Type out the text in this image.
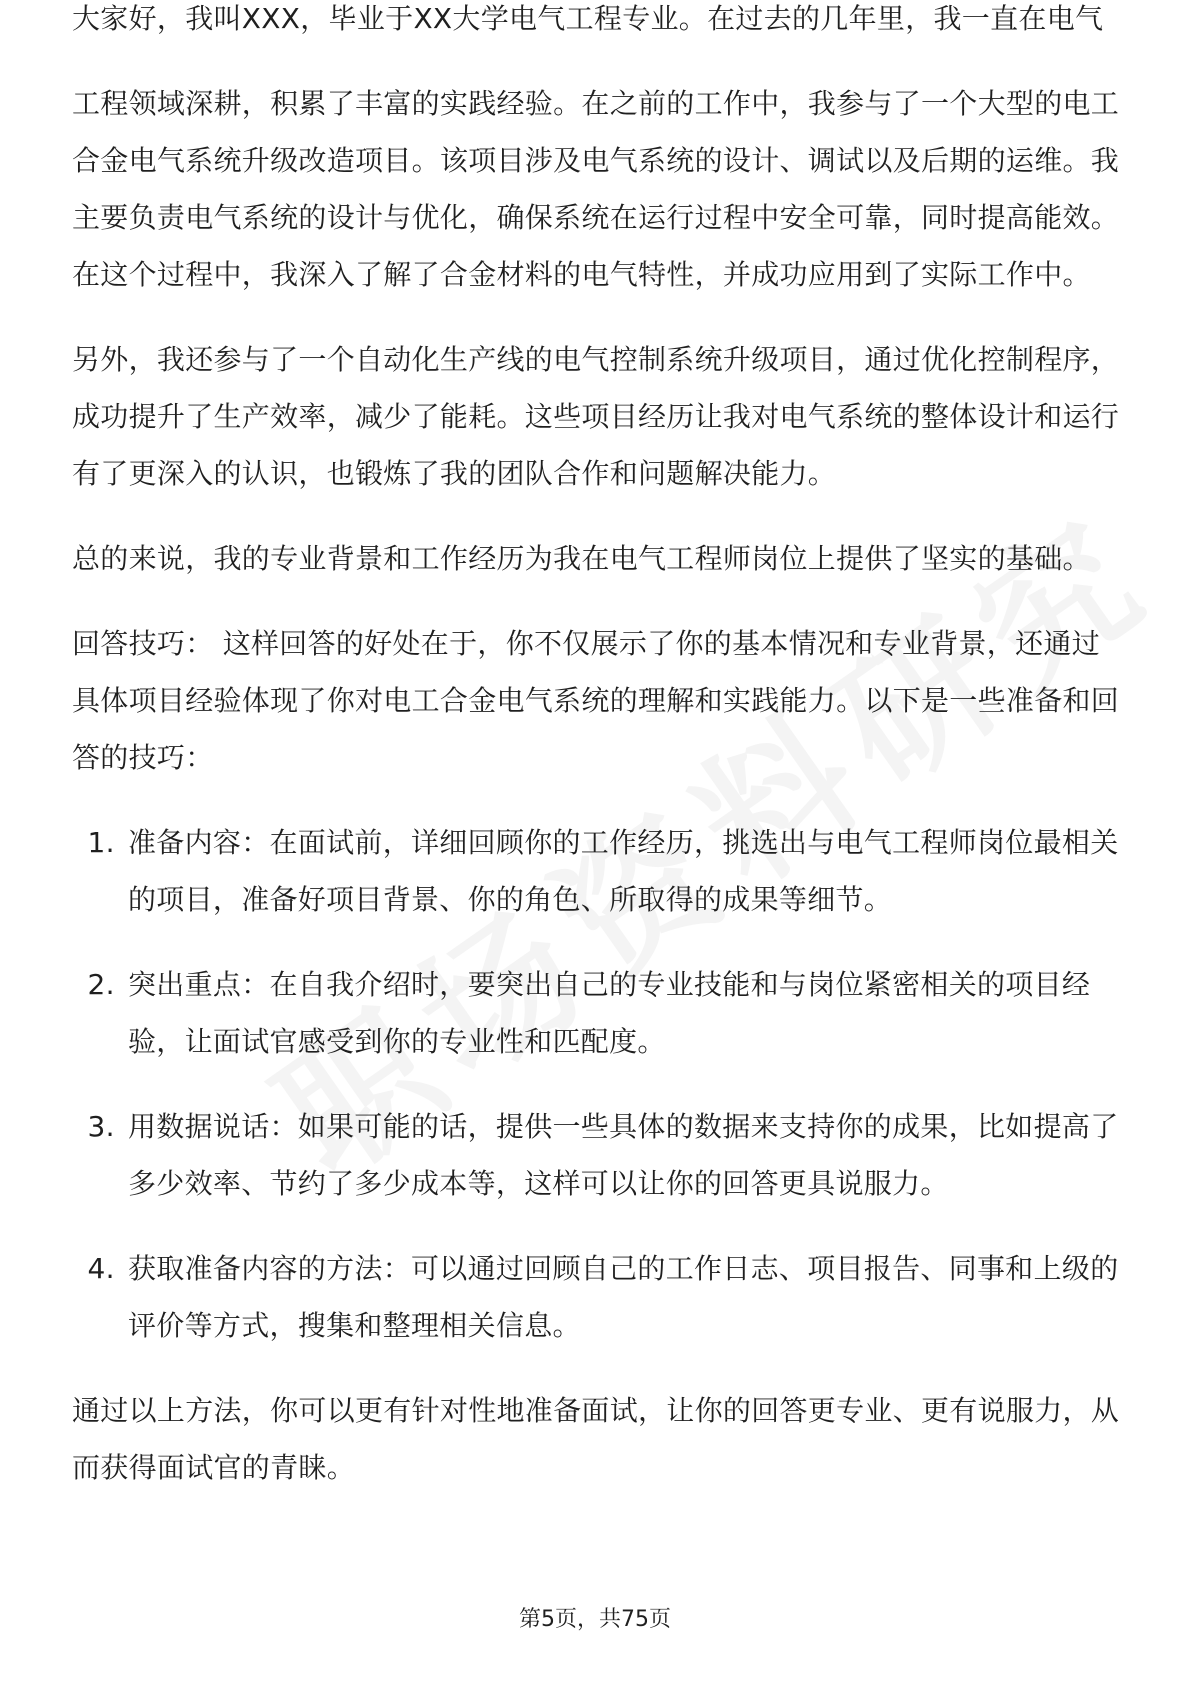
大家好，我叫XXX，毕业于XX大学电气工程专业。在过去的几年里，我一直在电气

工程领域深耕，积累了丰富的实践经验。在之前的工作中，我参与了一个大型的电工合金电气系统升级改造项目。该项目涉及电气系统的设计、调试以及后期的运维。我主要负责电气系统的设计与优化，确保系统在运行过程中安全可靠，同时提高能效。在这个过程中，我深入了解了合金材料的电气特性，并成功应用到了实际工作中。

另外，我还参与了一个自动化生产线的电气控制系统升级项目，通过优化控制程序，成功提升了生产效率，减少了能耗。这些项目经历让我对电气系统的整体设计和运行有了更深入的认识，也锻炼了我的团队合作和问题解决能力。

总的来说，我的专业背景和工作经历为我在电气工程师岗位上提供了坚实的基础。

回答技巧： 这样回答的好处在于，你不仅展示了你的基本情况和专业背景，还通过具体项目经验体现了你对电工合金电气系统的理解和实践能力。以下是一些准备和回答的技巧：

1. 准备内容：在面试前，详细回顾你的工作经历，挑选出与电气工程师岗位最相关的项目，准备好项目背景、你的角色、所取得的成果等细节。
2. 突出重点：在自我介绍时，要突出自己的专业技能和与岗位紧密相关的项目经验，让面试官感受到你的专业性和匹配度。
3. 用数据说话：如果可能的话，提供一些具体的数据来支持你的成果，比如提高了多少效率、节约了多少成本等，这样可以让你的回答更具说服力。
4. 获取准备内容的方法：可以通过回顾自己的工作日志、项目报告、同事和上级的评价等方式，搜集和整理相关信息。

通过以上方法，你可以更有针对性地准备面试，让你的回答更专业、更有说服力，从而获得面试官的青睐。

第5页，共75页
